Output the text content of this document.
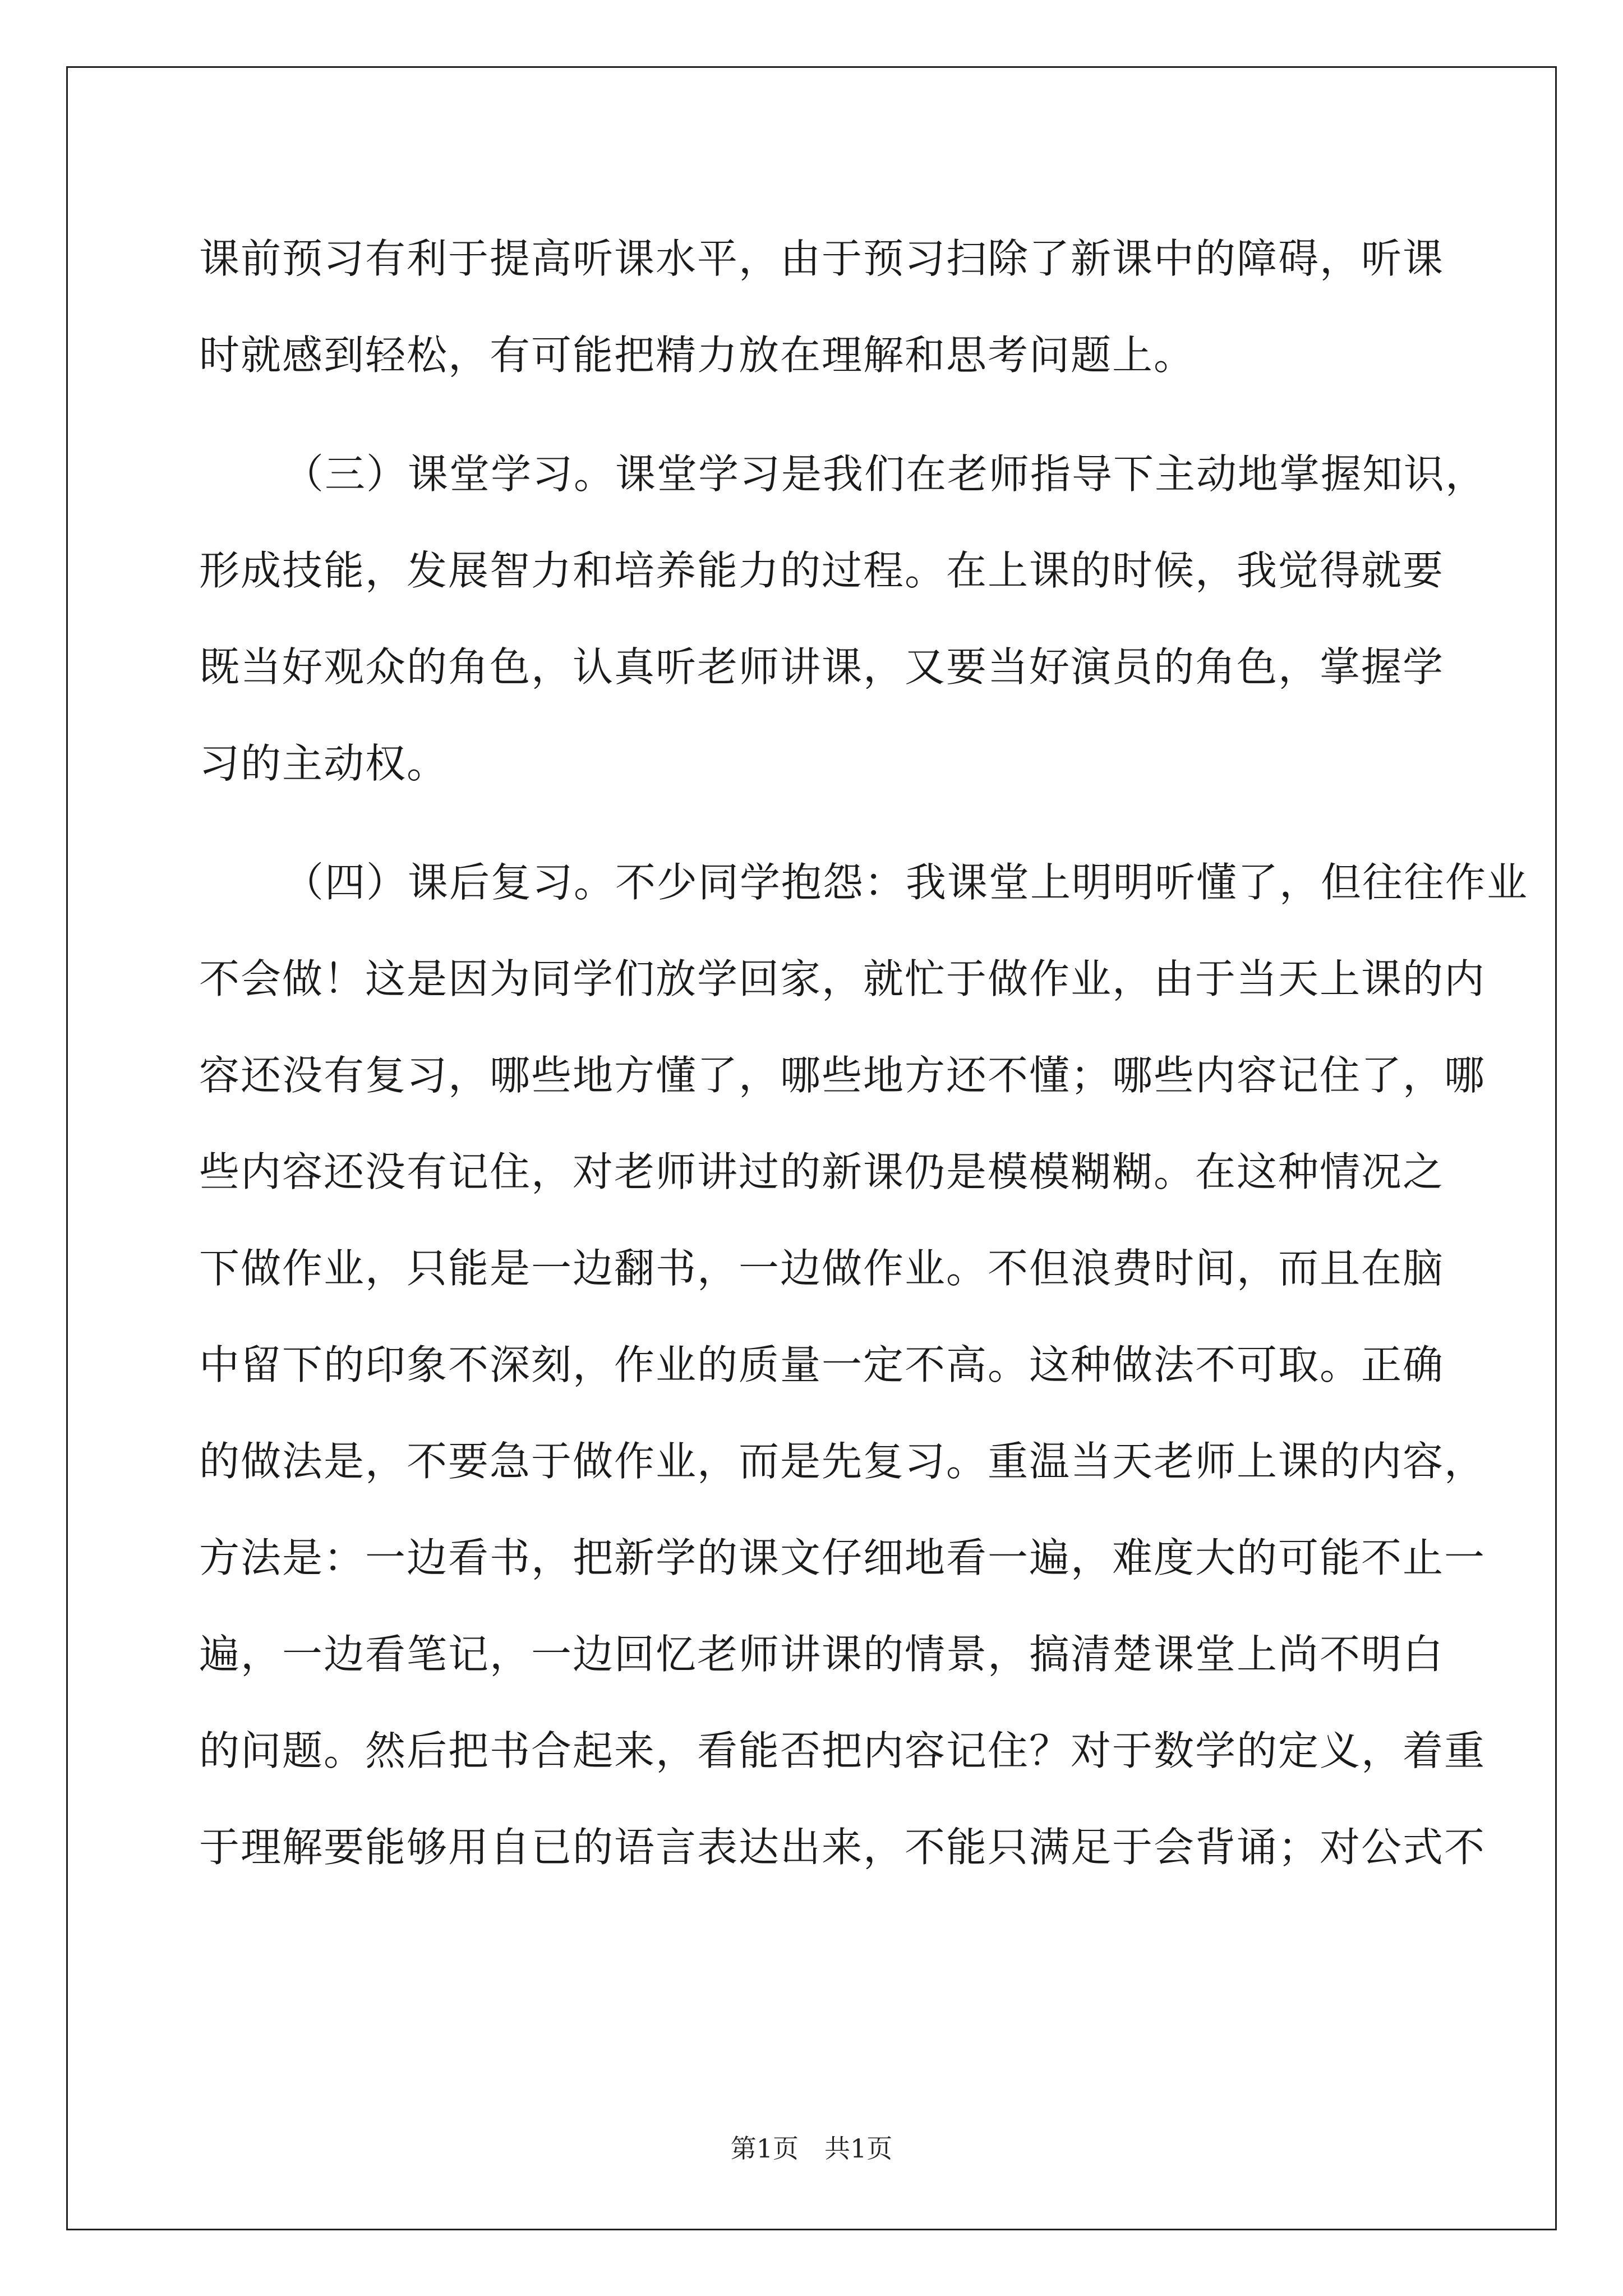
课前预习有利于提高听课水平，由于预习扫除了新课中的障碍，听课
时就感到轻松，有可能把精力放在理解和思考问题上。
（三）课堂学习。课堂学习是我们在老师指导下主动地掌握知识，
形成技能，发展智力和培养能力的过程。在上课的时候，我觉得就要
既当好观众的角色，认真听老师讲课，又要当好演员的角色，掌握学
习的主动权。
（四）课后复习。不少同学抱怨：我课堂上明明听懂了，但往往作业
不会做！这是因为同学们放学回家，就忙于做作业，由于当天上课的内
容还没有复习，哪些地方懂了，哪些地方还不懂；哪些内容记住了，哪
些内容还没有记住，对老师讲过的新课仍是模模糊糊。在这种情况之
下做作业，只能是一边翻书，一边做作业。不但浪费时间，而且在脑
中留下的印象不深刻，作业的质量一定不高。这种做法不可取。正确
的做法是，不要急于做作业，而是先复习。重温当天老师上课的内容，
方法是：一边看书，把新学的课文仔细地看一遍，难度大的可能不止一
遍，一边看笔记，一边回忆老师讲课的情景，搞清楚课堂上尚不明白
的问题。然后把书合起来，看能否把内容记住？对于数学的定义，着重
于理解要能够用自已的语言表达出来，不能只满足于会背诵；对公式不
第1页　共1页
